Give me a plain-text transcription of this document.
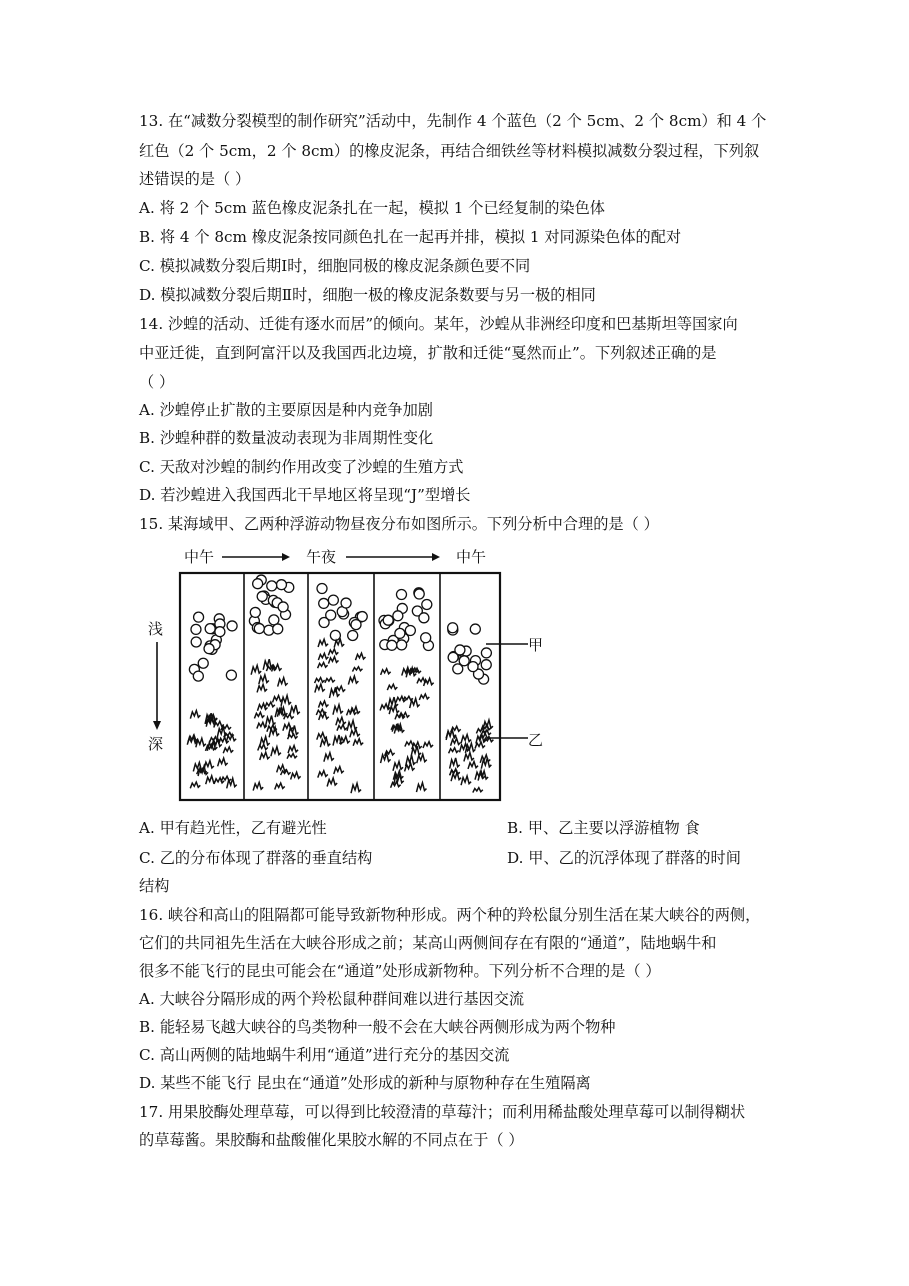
13. 在“减数分裂模型的制作研究”活动中，先制作 4 个蓝色（2 个 5cm、2 个 8cm）和 4 个
红色（2 个 5cm，2 个 8cm）的橡皮泥条，再结合细铁丝等材料模拟减数分裂过程，下列叙
述错误的是（ ）
A. 将 2 个 5cm 蓝色橡皮泥条扎在一起，模拟 1 个已经复制的染色体
B. 将 4 个 8cm 橡皮泥条按同颜色扎在一起再并排，模拟 1 对同源染色体的配对
C. 模拟减数分裂后期Ⅰ时，细胞同极的橡皮泥条颜色要不同
D. 模拟减数分裂后期Ⅱ时，细胞一极的橡皮泥条数要与另一极的相同
14. 沙蝗的活动、迁徙有逐水而居”的倾向。某年，沙蝗从非洲经印度和巴基斯坦等国家向
中亚迁徙，直到阿富汗以及我国西北边境，扩散和迁徙“戛然而止”。下列叙述正确的是
（ ）
A. 沙蝗停止扩散的主要原因是种内竞争加剧
B. 沙蝗种群的数量波动表现为非周期性变化
C. 天敌对沙蝗的制约作用改变了沙蝗的生殖方式
D. 若沙蝗进入我国西北干旱地区将呈现“J”型增长
15. 某海域甲、乙两种浮游动物昼夜分布如图所示。下列分析中合理的是（ ）
中午	午夜	中午
浅
深
甲
乙
A. 甲有趋光性，乙有避光性	B. 甲、乙主要以浮游植物 食
C. 乙的分布体现了群落的垂直结构	D. 甲、乙的沉浮体现了群落的时间
结构
16. 峡谷和高山的阻隔都可能导致新物种形成。两个种的羚松鼠分别生活在某大峡谷的两侧，
它们的共同祖先生活在大峡谷形成之前；某高山两侧间存在有限的“通道”，陆地蜗牛和
很多不能飞行的昆虫可能会在“通道”处形成新物种。下列分析不合理的是（ ）
A. 大峡谷分隔形成的两个羚松鼠种群间难以进行基因交流
B. 能轻易飞越大峡谷的鸟类物种一般不会在大峡谷两侧形成为两个物种
C. 高山两侧的陆地蜗牛利用“通道”进行充分的基因交流
D. 某些不能飞行 昆虫在“通道”处形成的新种与原物种存在生殖隔离
17. 用果胶酶处理草莓，可以得到比较澄清的草莓汁；而利用稀盐酸处理草莓可以制得糊状
的草莓酱。果胶酶和盐酸催化果胶水解的不同点在于（ ）
